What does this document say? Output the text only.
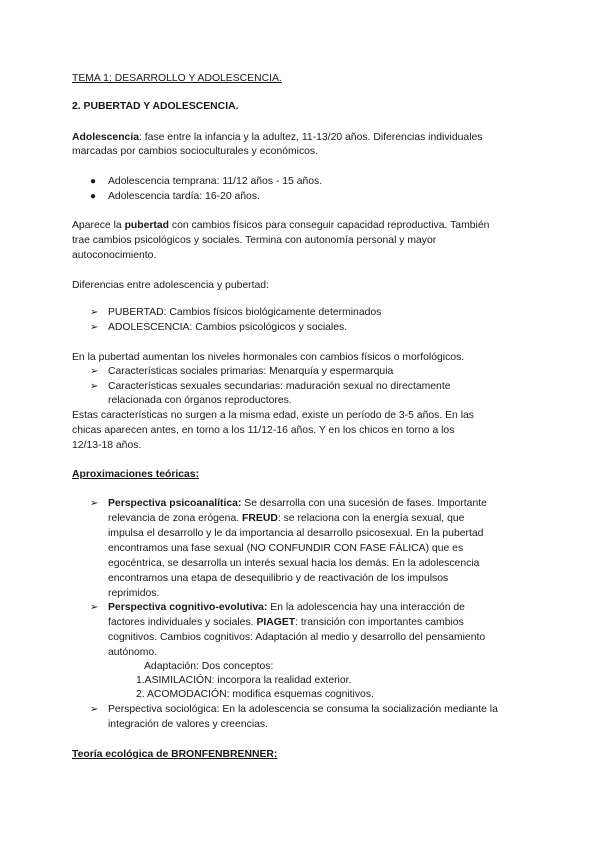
TEMA 1: DESARROLLO Y ADOLESCENCIA.
2. PUBERTAD Y ADOLESCENCIA.
Adolescencia: fase entre la infancia y la adultez, 11-13/20 años. Diferencias individuales
marcadas por cambios socioculturales y económicos.
● Adolescencia temprana: 11/12 años - 15 años.
● Adolescencia tardía: 16-20 años.
Aparece la pubertad con cambios físicos para conseguir capacidad reproductiva. También
trae cambios psicológicos y sociales. Termina con autonomía personal y mayor
autoconocimiento.
Diferencias entre adolescencia y pubertad:
➢ PUBERTAD: Cambios físicos biológicamente determinados
➢ ADOLESCENCIA: Cambios psicológicos y sociales.
En la pubertad aumentan los niveles hormonales con cambios físicos o morfológicos.
➢ Características sociales primarias: Menarquía y espermarquia
➢ Características sexuales secundarias: maduración sexual no directamente
relacionada con órganos reproductores.
Estas características no surgen a la misma edad, existe un período de 3-5 años. En las
chicas aparecen antes, en torno a los 11/12-16 años. Y en los chicos en torno a los
12/13-18 años.
Aproximaciones teóricas:
➢ Perspectiva psicoanalítica: Se desarrolla con una sucesión de fases. Importante
relevancia de zona erógena. FREUD: se relaciona con la energía sexual, que
impulsa el desarrollo y le da importancia al desarrollo psicosexual. En la pubertad
encontramos una fase sexual (NO CONFUNDIR CON FASE FÁLICA) que es
egocéntrica, se desarrolla un interés sexual hacia los demás. En la adolescencia
encontramos una etapa de desequilibrio y de reactivación de los impulsos
reprimidos.
➢ Perspectiva cognitivo-evolutiva: En la adolescencia hay una interacción de
factores individuales y sociales. PIAGET: transición con importantes cambios
cognitivos. Cambios cognitivos: Adaptación al medio y desarrollo del pensamiento
autónomo.
Adaptación: Dos conceptos:
1.ASIMILACIÓN: incorpora la realidad exterior.
2. ACOMODACIÓN: modifica esquemas cognitivos.
➢ Perspectiva sociológica: En la adolescencia se consuma la socialización mediante la
integración de valores y creencias.
Teoría ecológica de BRONFENBRENNER:
